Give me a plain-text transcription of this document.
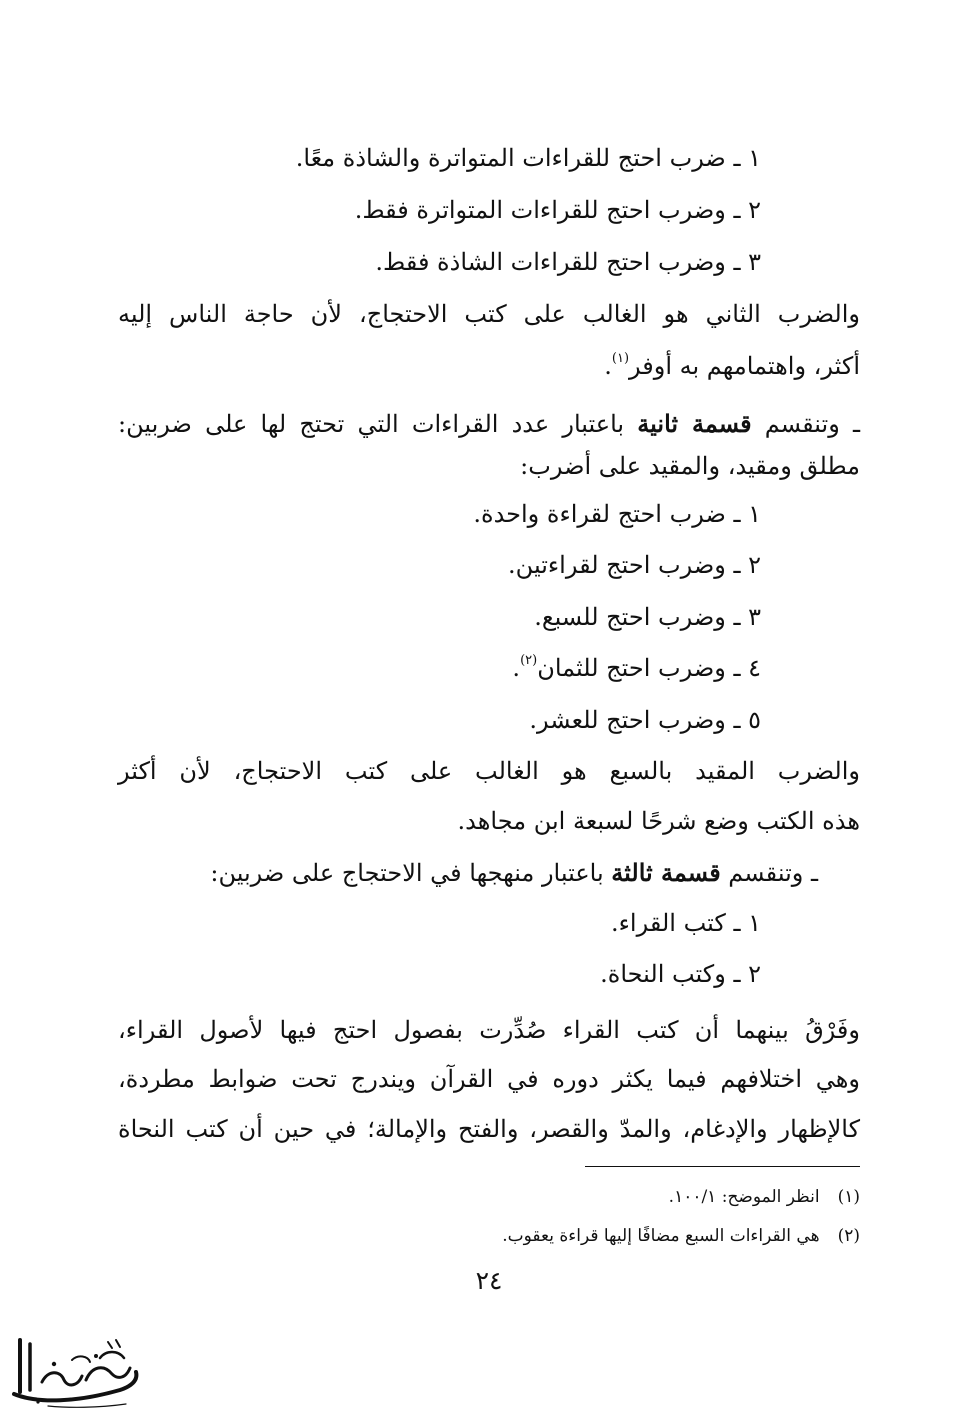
١ ـ ضرب احتج للقراءات المتواترة والشاذة معًا.
٢ ـ وضرب احتج للقراءات المتواترة فقط.
٣ ـ وضرب احتج للقراءات الشاذة فقط.
والضرب الثاني هو الغالب على كتب الاحتجاج، لأن حاجة الناس إليه
أكثر، واهتمامهم به أوفر$^{(١)}$.
ـ وتنقسم قسمة ثانية باعتبار عدد القراءات التي تحتج لها على ضربين:
مطلق ومقيد، والمقيد على أضرب:
١ ـ ضرب احتج لقراءة واحدة.
٢ ـ وضرب احتج لقراءتين.
٣ ـ وضرب احتج للسبع.
٤ ـ وضرب احتج للثمان$^{(٢)}$.
٥ ـ وضرب احتج للعشر.
والضرب المقيد بالسبع هو الغالب على كتب الاحتجاج، لأن أكثر
هذه الكتب وضع شرحًا لسبعة ابن مجاهد.
ـ وتنقسم قسمة ثالثة باعتبار منهجها في الاحتجاج على ضربين:
١ ـ كتب القراء.
٢ ـ وكتب النحاة.
وفَرْقُ بينهما أن كتب القراء صُدِّرت بفصول احتج فيها لأصول القراء،
وهي اختلافهم فيما يكثر دوره في القرآن ويندرج تحت ضوابط مطردة،
كالإظهار والإدغام، والمدّ والقصر، والفتح والإمالة؛ في حين أن كتب النحاة
(١)انظر الموضح: ١٠٠/١.
(٢)هي القراءات السبع مضافًا إليها قراءة يعقوب.
٢٤
